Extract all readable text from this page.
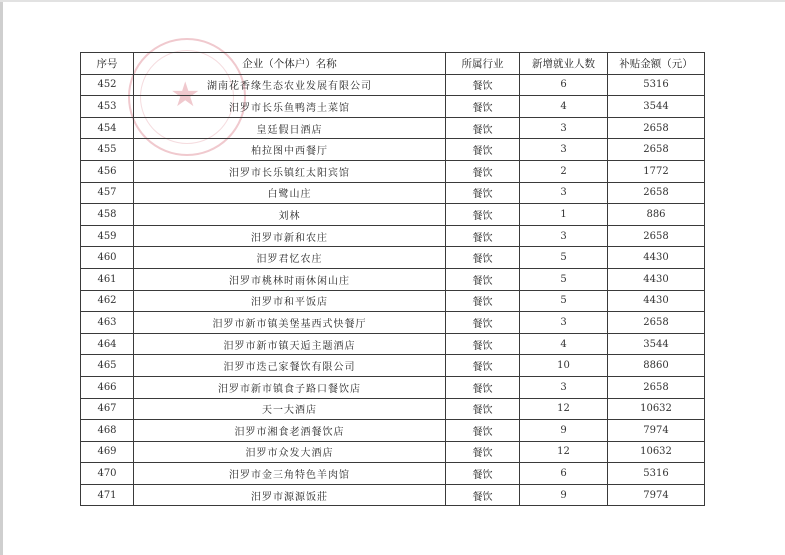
★
序号	企业（个体户）名称	所属行业	新增就业人数	补贴金额（元）
452	湖南花香缘生态农业发展有限公司	餐饮	6	5316
453	汨罗市长乐鱼鸭湾土菜馆	餐饮	4	3544
454	皇廷假日酒店	餐饮	3	2658
455	柏拉图中西餐厅	餐饮	3	2658
456	汨罗市长乐镇红太阳宾馆	餐饮	2	1772
457	白鹭山庄	餐饮	3	2658
458	刘林	餐饮	1	886
459	汨罗市新和农庄	餐饮	3	2658
460	汨罗君忆农庄	餐饮	5	4430
461	汨罗市桃林时雨休闲山庄	餐饮	5	4430
462	汨罗市和平饭店	餐饮	5	4430
463	汨罗市新市镇美堡基西式快餐厅	餐饮	3	2658
464	汨罗市新市镇天逅主题酒店	餐饮	4	3544
465	汨罗市迭己家餐饮有限公司	餐饮	10	8860
466	汨罗市新市镇食子路口餐饮店	餐饮	3	2658
467	天一大酒店	餐饮	12	10632
468	汨罗市湘食老酒餐饮店	餐饮	9	7974
469	汨罗市众发大酒店	餐饮	12	10632
470	汨罗市金三角特色羊肉馆	餐饮	6	5316
471	汨罗市源源饭莊	餐饮	9	7974
